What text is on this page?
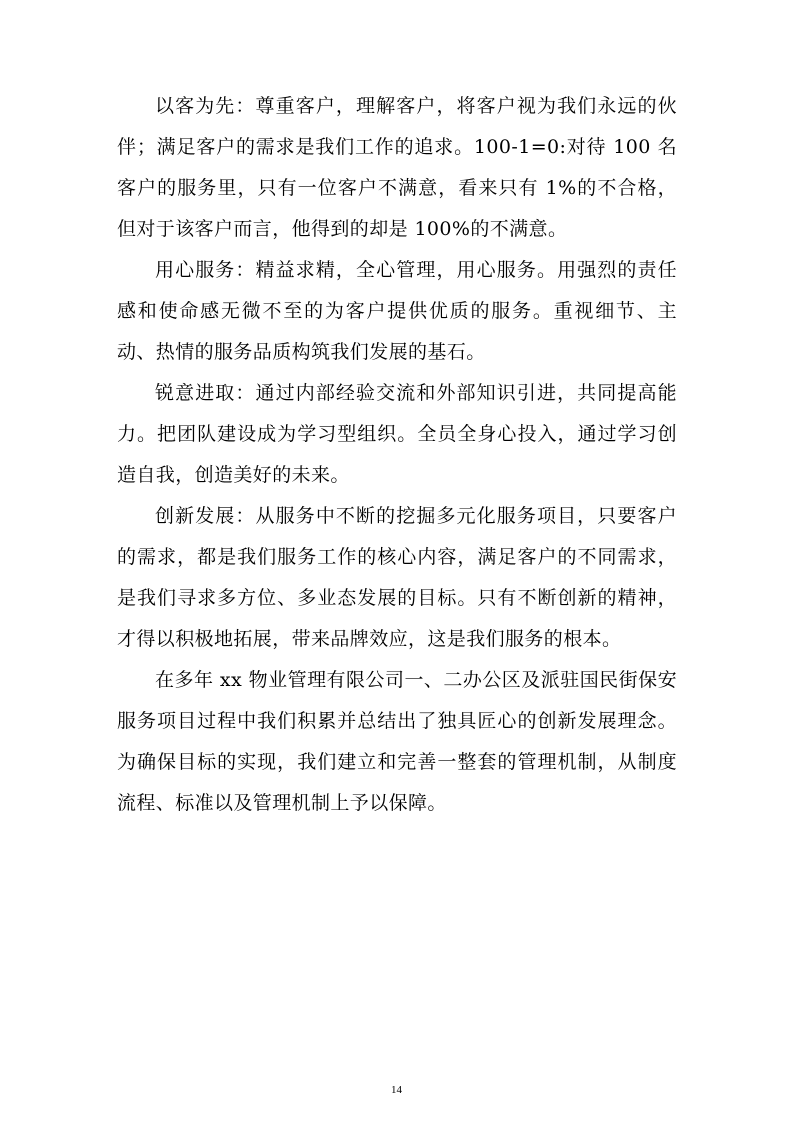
以客为先：尊重客户，理解客户，将客户视为我们永远的伙伴；满足客户的需求是我们工作的追求。100-1=0:对待 100 名客户的服务里，只有一位客户不满意，看来只有 1%的不合格，但对于该客户而言，他得到的却是 100%的不满意。

用心服务：精益求精，全心管理，用心服务。用强烈的责任感和使命感无微不至的为客户提供优质的服务。重视细节、主动、热情的服务品质构筑我们发展的基石。

锐意进取：通过内部经验交流和外部知识引进，共同提高能力。把团队建设成为学习型组织。全员全身心投入，通过学习创造自我，创造美好的未来。

创新发展：从服务中不断的挖掘多元化服务项目，只要客户的需求，都是我们服务工作的核心内容，满足客户的不同需求，是我们寻求多方位、多业态发展的目标。只有不断创新的精神，才得以积极地拓展，带来品牌效应，这是我们服务的根本。

在多年 xx 物业管理有限公司一、二办公区及派驻国民街保安服务项目过程中我们积累并总结出了独具匠心的创新发展理念。为确保目标的实现，我们建立和完善一整套的管理机制，从制度流程、标准以及管理机制上予以保障。

14
